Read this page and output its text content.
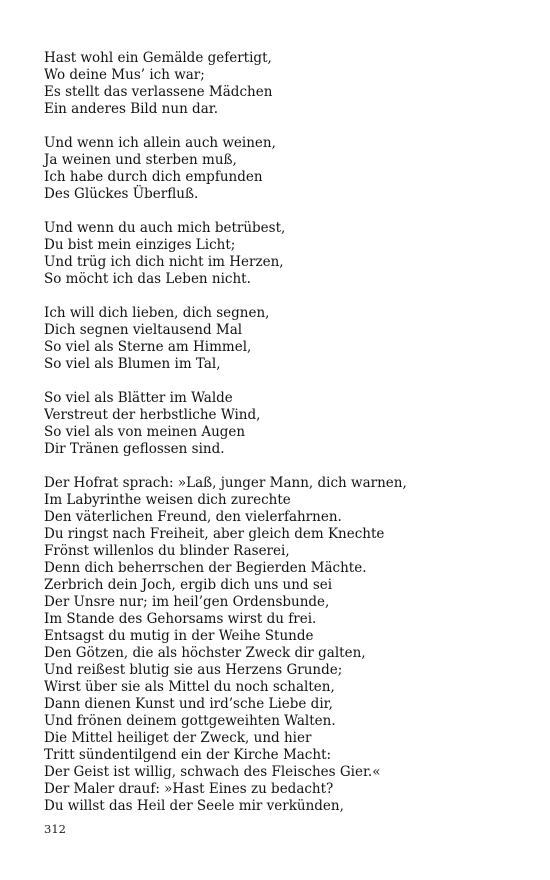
Hast wohl ein Gemälde gefertigt,
Wo deine Mus’ ich war;
Es stellt das verlassene Mädchen
Ein anderes Bild nun dar.
Und wenn ich allein auch weinen,
Ja weinen und sterben muß,
Ich habe durch dich empfunden
Des Glückes Überfluß.
Und wenn du auch mich betrübest,
Du bist mein einziges Licht;
Und trüg ich dich nicht im Herzen,
So möcht ich das Leben nicht.
Ich will dich lieben, dich segnen,
Dich segnen vieltausend Mal
So viel als Sterne am Himmel,
So viel als Blumen im Tal,
So viel als Blätter im Walde
Verstreut der herbstliche Wind,
So viel als von meinen Augen
Dir Tränen geflossen sind.
Der Hofrat sprach: »Laß, junger Mann, dich warnen,
Im Labyrinthe weisen dich zurechte
Den väterlichen Freund, den vielerfahrnen.
Du ringst nach Freiheit, aber gleich dem Knechte
Frönst willenlos du blinder Raserei,
Denn dich beherrschen der Begierden Mächte.
Zerbrich dein Joch, ergib dich uns und sei
Der Unsre nur; im heil’gen Ordensbunde,
Im Stande des Gehorsams wirst du frei.
Entsagst du mutig in der Weihe Stunde
Den Götzen, die als höchster Zweck dir galten,
Und reißest blutig sie aus Herzens Grunde;
Wirst über sie als Mittel du noch schalten,
Dann dienen Kunst und ird’sche Liebe dir,
Und frönen deinem gottgeweihten Walten.
Die Mittel heiliget der Zweck, und hier
Tritt sündentilgend ein der Kirche Macht:
Der Geist ist willig, schwach des Fleisches Gier.«
Der Maler drauf: »Hast Eines zu bedacht?
Du willst das Heil der Seele mir verkünden,
312
